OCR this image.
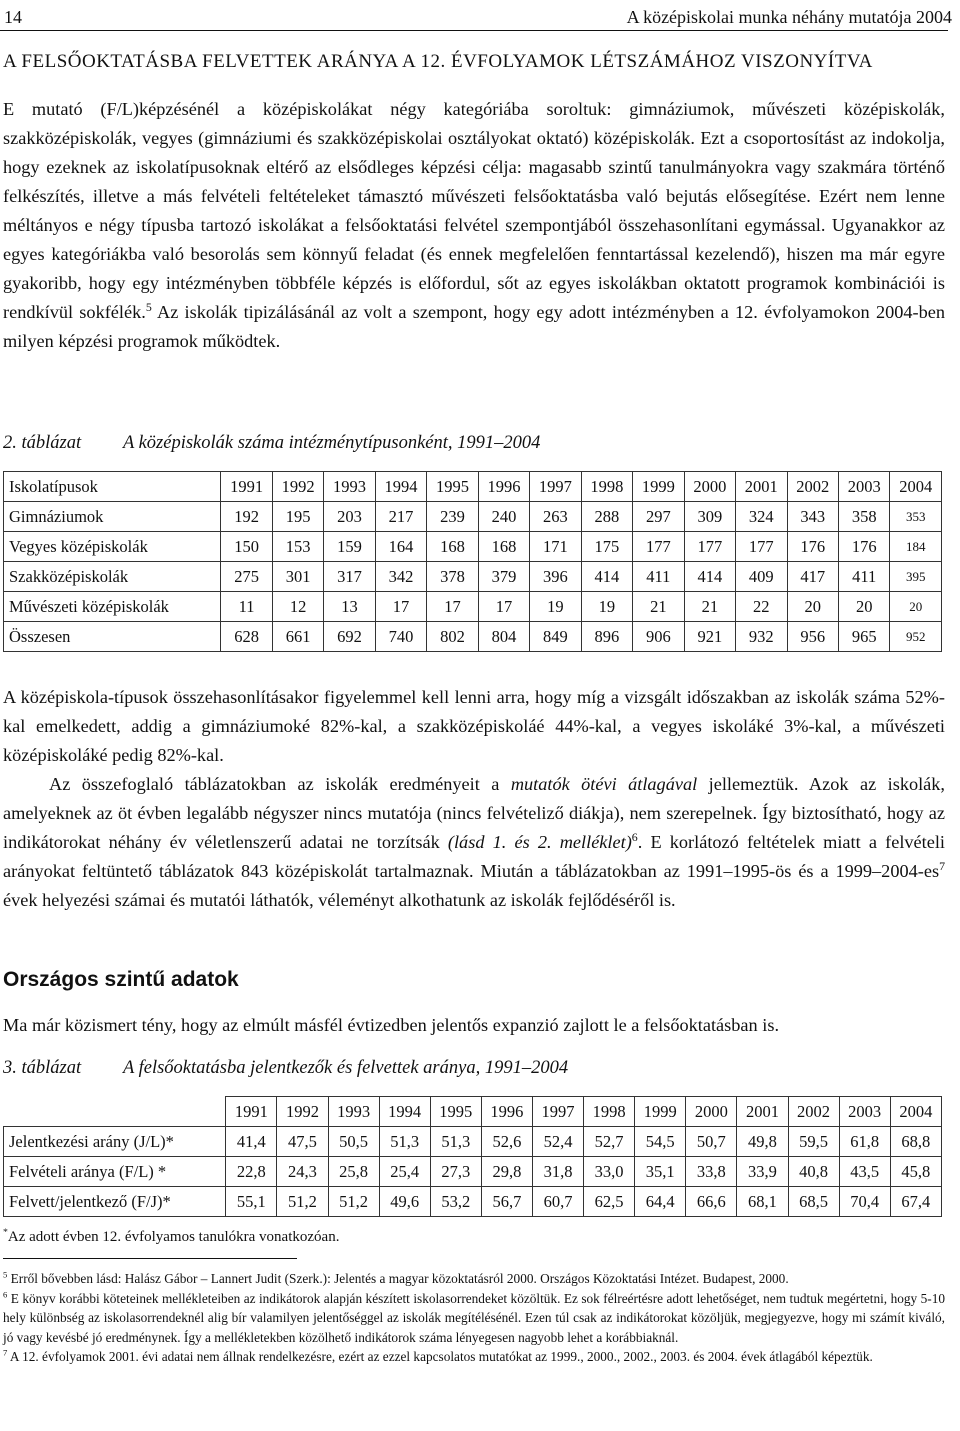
14	A középiskolai munka néhány mutatója 2004
A FELSŐOKTATÁSBA FELVETTEK ARÁNYA A 12. ÉVFOLYAMOK LÉTSZÁMÁHOZ VISZONYÍTVA

E mutató (F/L)képzésénél a középiskolákat négy kategóriába soroltuk: gimnáziumok, művészeti középiskolák, szakközépiskolák, vegyes (gimnáziumi és szakközépiskolai osztályokat oktató) középiskolák. Ezt a csoportosítást az indokolja, hogy ezeknek az iskolatípusoknak eltérő az elsődleges képzési célja: magasabb szintű tanulmányokra vagy szakmára történő felkészítés, illetve a más felvételi feltételeket támasztó művészeti felsőoktatásba való bejutás elősegítése. Ezért nem lenne méltányos e négy típusba tartozó iskolákat a felsőoktatási felvétel szempontjából összehasonlítani egymással. Ugyanakkor az egyes kategóriákba való besorolás sem könnyű feladat (és ennek megfelelően fenntartással kezelendő), hiszen ma már egyre gyakoribb, hogy egy intézményben többféle képzés is előfordul, sőt az egyes iskolákban oktatott programok kombinációi is rendkívül sokfélék.$^5$ Az iskolák tipizálásánál az volt a szempont, hogy egy adott intézményben a 12. évfolyamokon 2004-ben milyen képzési programok működtek.

2. táblázat A középiskolák száma intézménytípusonként, 1991–2004
Iskolatípusok	1991	1992	1993	1994	1995	1996	1997	1998	1999	2000	2001	2002	2003	2004
Gimnáziumok	192	195	203	217	239	240	263	288	297	309	324	343	358	353
Vegyes középiskolák	150	153	159	164	168	168	171	175	177	177	177	176	176	184
Szakközépiskolák	275	301	317	342	378	379	396	414	411	414	409	417	411	395
Művészeti középiskolák	11	12	13	17	17	17	19	19	21	21	22	20	20	20
Összesen	628	661	692	740	802	804	849	896	906	921	932	956	965	952

A középiskola-típusok összehasonlításakor figyelemmel kell lenni arra, hogy míg a vizsgált időszakban az iskolák száma 52%-kal emelkedett, addig a gimnáziumoké 82%-kal, a szakközépiskoláé 44%-kal, a vegyes iskoláké 3%-kal, a művészeti középiskoláké pedig 82%-kal.

Az összefoglaló táblázatokban az iskolák eredményeit a mutatók ötévi átlagával jellemeztük. Azok az iskolák, amelyeknek az öt évben legalább négyszer nincs mutatója (nincs felvételiző diákja), nem szerepelnek. Így biztosítható, hogy az indikátorokat néhány év véletlenszerű adatai ne torzítsák (lásd 1. és 2. melléklet)$^6$. E korlátozó feltételek miatt a felvételi arányokat feltüntető táblázatok 843 középiskolát tartalmaznak. Miután a táblázatokban az 1991–1995-ös és a $1999-2004-es^7$ évek helyezési számai és mutatói láthatók, véleményt alkothatunk az iskolák fejlődéséről is.

Országos szintű adatok

Ma már közismert tény, hogy az elmúlt másfél évtizedben jelentős expanzió zajlott le a felsőoktatásban is.

3. táblázat A felsőoktatásba jelentkezők és felvettek aránya, 1991–2004
	1991	1992	1993	1994	1995	1996	1997	1998	1999	2000	2001	2002	2003	2004
Jelentkezési arány (J/L)*	41,4	47,5	50,5	51,3	51,3	52,6	52,4	52,7	54,5	50,7	49,8	59,5	61,8	68,8
Felvételi aránya (F/L) *	22,8	24,3	25,8	25,4	27,3	29,8	31,8	33,0	35,1	33,8	33,9	40,8	43,5	45,8
Felvett/jelentkező (F/J)*	55,1	51,2	51,2	49,6	53,2	56,7	60,7	62,5	64,4	66,6	68,1	68,5	70,4	67,4
*Az adott évben 12. évfolyamos tanulókra vonatkozóan.
$^5$ Erről bővebben lásd: Halász Gábor – Lannert Judit (Szerk.): Jelentés a magyar közoktatásról 2000. Országos Közoktatási Intézet. Budapest, 2000.
$^6$ E könyv korábbi köteteinek mellékleteiben az indikátorok alapján készített iskolasorrendeket közöltük. Ez sok félreértésre adott lehetőséget, nem tudtuk megértetni, hogy 5-10 hely különbség az iskolasorrendeknél alig bír valamilyen jelentőséggel az iskolák megítélésénél. Ezen túl csak az indikátorokat közöljük, megjegyezve, hogy mi számít kiváló, jó vagy kevésbé jó eredménynek. Így a mellékletekben közölhető indikátorok száma lényegesen nagyobb lehet a korábbiaknál.
$^7$ A 12. évfolyamok 2001. évi adatai nem állnak rendelkezésre, ezért az ezzel kapcsolatos mutatókat az 1999., 2000., 2002., 2003. és 2004. évek átlagából képeztük.
